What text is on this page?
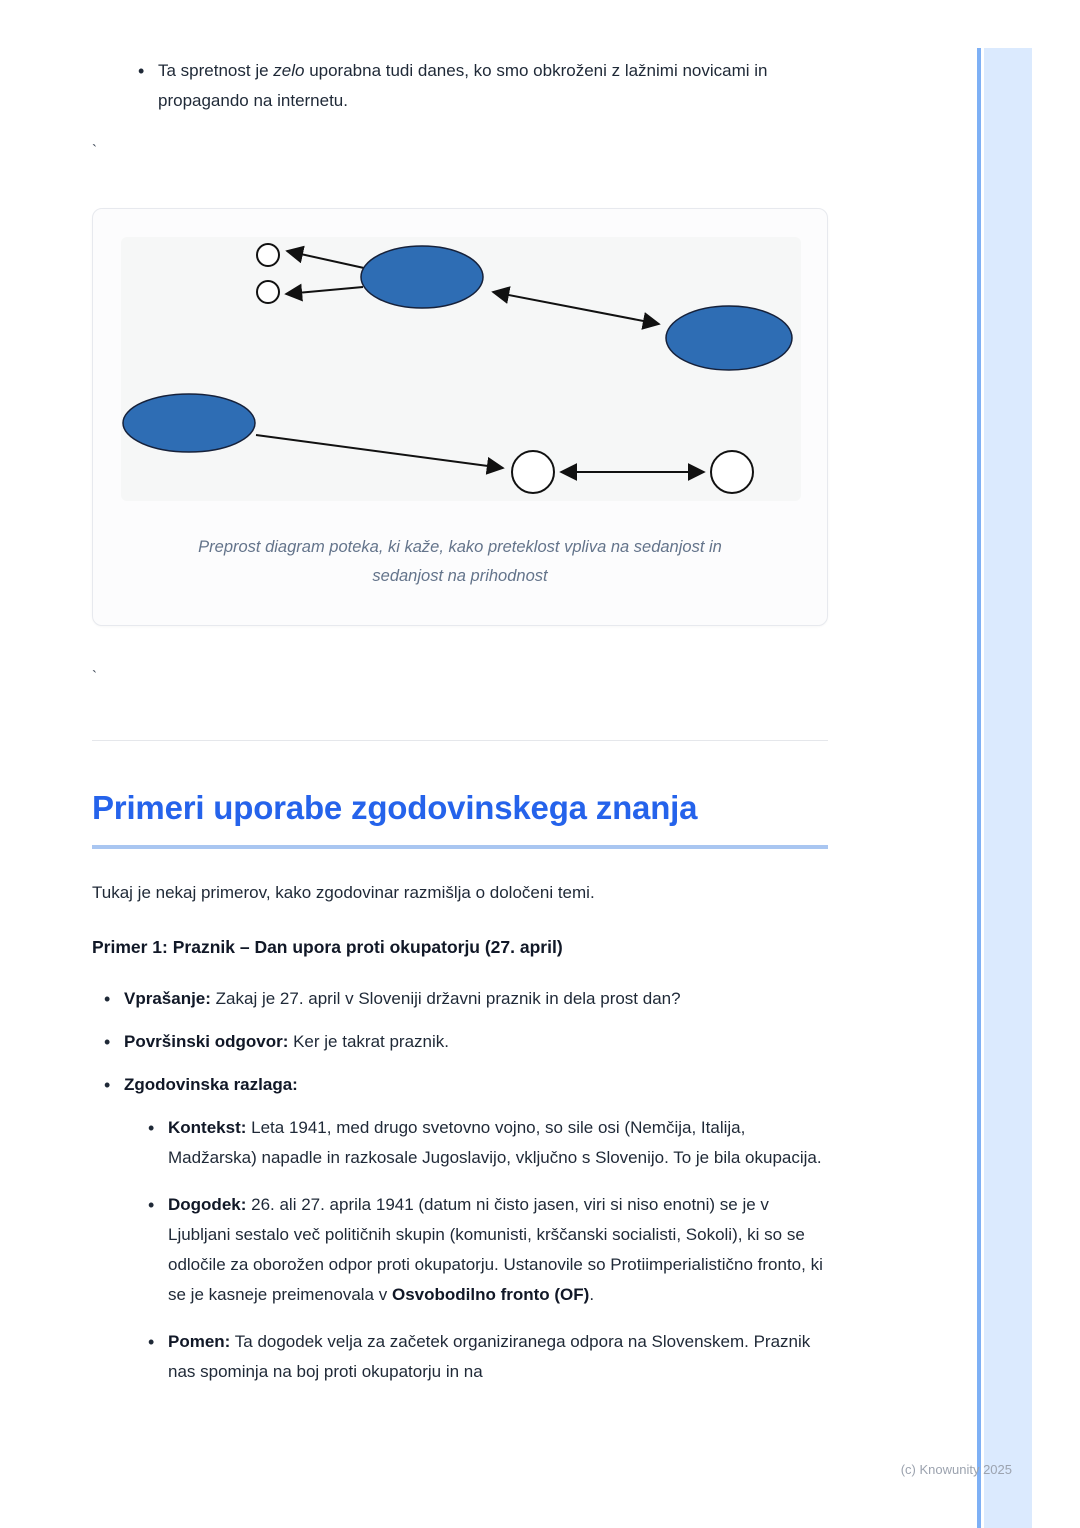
• Ta spretnost je zelo uporabna tudi danes, ko smo obkroženi z lažnimi novicami in propagando na internetu.
`
Preprost diagram poteka, ki kaže, kako preteklost vpliva na sedanjost in
sedanjost na prihodnost
`
Primeri uporabe zgodovinskega znanja

Tukaj je nekaj primerov, kako zgodovinar razmišlja o določeni temi.

Primer 1: Praznik – Dan upora proti okupatorju (27. april)
• Vprašanje: Zakaj je 27. april v Sloveniji državni praznik in dela prost dan?
• Površinski odgovor: Ker je takrat praznik.
• Zgodovinska razlaga:
• Kontekst: Leta 1941, med drugo svetovno vojno, so sile osi (Nemčija, Italija, Madžarska) napadle in razkosale Jugoslavijo, vključno s Slovenijo. To je bila okupacija.
• Dogodek: 26. ali 27. aprila 1941 (datum ni čisto jasen, viri si niso enotni) se je v Ljubljani sestalo več političnih skupin (komunisti, krščanski socialisti, Sokoli), ki so se odločile za oborožen odpor proti okupatorju. Ustanovile so Protiimperialistično fronto, ki se je kasneje preimenovala v Osvobodilno fronto (OF).
• Pomen: Ta dogodek velja za začetek organiziranega odpora na Slovenskem. Praznik nas spominja na boj proti okupatorju in na
(c) Knowunity 2025
